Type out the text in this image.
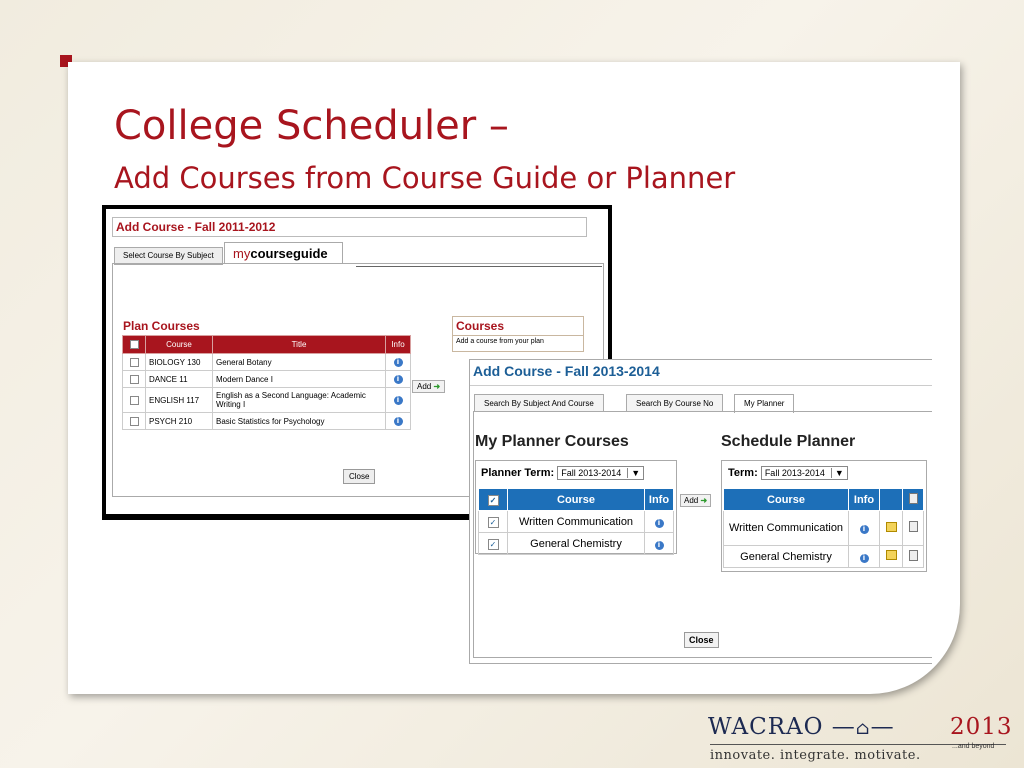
College Scheduler –
Add Courses from Course Guide or Planner
Add Course - Fall 2011-2012
Select Course By Subject	mycourseguide
Plan Courses
	Course	Title	Info
	BIOLOGY 130	General Botany	i
	DANCE 11	Modern Dance I	i
	ENGLISH 117	English as a Second Language: Academic Writing I	i
	PSYCH 210	Basic Statistics for Psychology	i
Add ➜
Courses
Add a course from your plan
Close
Add Course - Fall 2013-2014
Search By Subject And Course	Search By Course No	My Planner
My Planner Courses	Schedule Planner
Planner Term: Fall 2013-2014 ▼
✓	Course	Info
✓	Written Communication	i
✓	General Chemistry	i
Add ➜
Term: Fall 2013-2014 ▼
Course	Info		
Written Communication	i		
General Chemistry	i		
Close
WACRAO —⌂— 2013
...and beyond
innovate. integrate. motivate.
